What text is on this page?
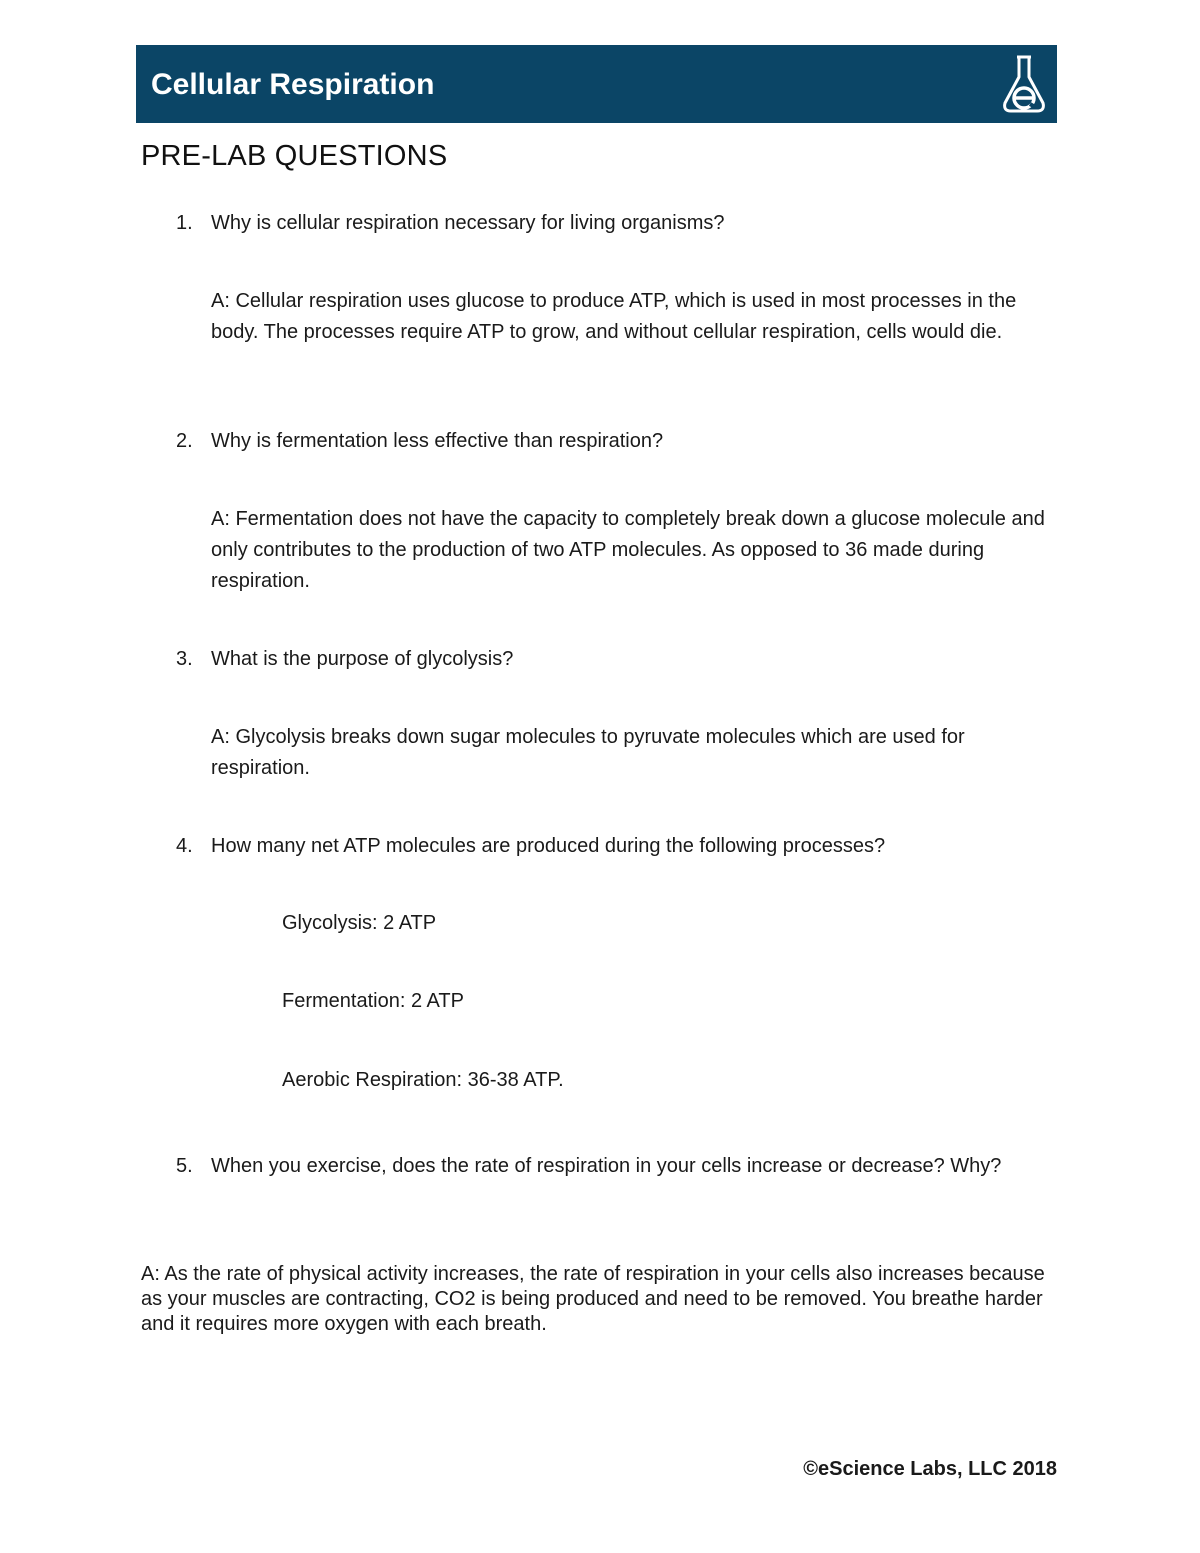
Cellular Respiration
PRE-LAB QUESTIONS
1. Why is cellular respiration necessary for living organisms?
A: Cellular respiration uses glucose to produce ATP, which is used in most processes in the body. The processes require ATP to grow, and without cellular respiration, cells would die.
2. Why is fermentation less effective than respiration?
A: Fermentation does not have the capacity to completely break down a glucose molecule and only contributes to the production of two ATP molecules. As opposed to 36 made during respiration.
3. What is the purpose of glycolysis?
A: Glycolysis breaks down sugar molecules to pyruvate molecules which are used for respiration.
4. How many net ATP molecules are produced during the following processes?
Glycolysis: 2 ATP
Fermentation: 2 ATP
Aerobic Respiration: 36-38 ATP.
5. When you exercise, does the rate of respiration in your cells increase or decrease? Why?
A: As the rate of physical activity increases, the rate of respiration in your cells also increases because as your muscles are contracting, CO2 is being produced and need to be removed. You breathe harder and it requires more oxygen with each breath.
©eScience Labs, LLC 2018
